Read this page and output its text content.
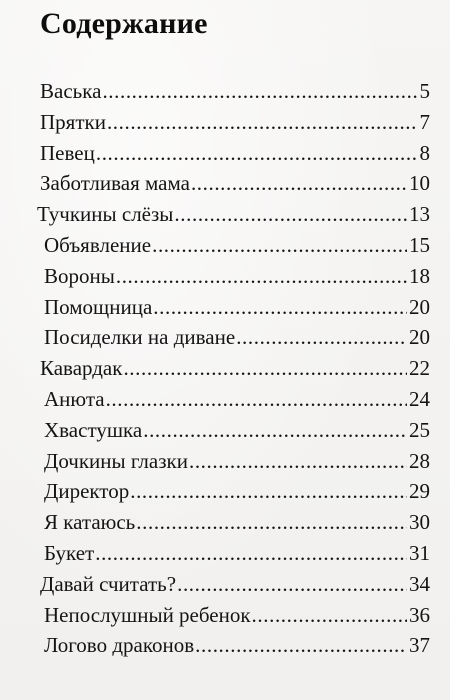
Содержание
Васька .....	5
Прятки .....	7
Певец .....	8
Заботливая мама .....	10
Тучкины слёзы .....	13
Объявление .....	15
Вороны .....	18
Помощница .....	20
Посиделки на диване .....	20
Кавардак .....	22
Анюта .....	24
Хвастушка .....	25
Дочкины глазки .....	28
Директор .....	29
Я катаюсь .....	30
Букет .....	31
Давай считать? .....	34
Непослушный ребенок .....	36
Логово драконов .....	37
